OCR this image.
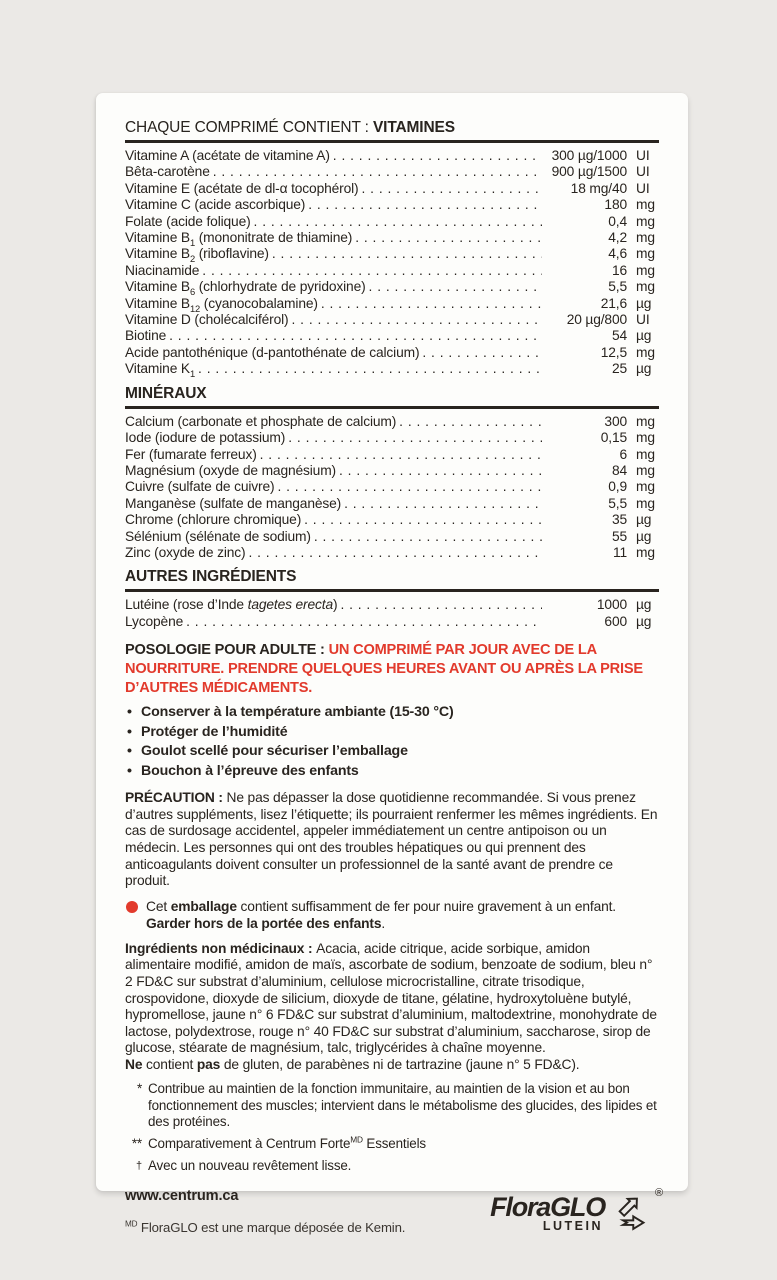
CHAQUE COMPRIMÉ CONTIENT : VITAMINES
Vitamine A (acétate de vitamine A) . . .	300 µg/1000 UI
Bêta-carotène . . .	900 µg/1500 UI
Vitamine E (acétate de dl-α tocophérol) . . .	18 mg/40 UI
Vitamine C (acide ascorbique) . . .	180 mg
Folate (acide folique) . . .	0,4 mg
Vitamine $B_1$ (mononitrate de thiamine) . . .	4,2 mg
Vitamine $B_2$ (riboflavine) . . .	4,6 mg
Niacinamide . . .	16 mg
Vitamine $B_6$ (chlorhydrate de pyridoxine) . . .	5,5 mg
Vitamine $B_{12}$ (cyanocobalamine) . . .	21,6 µg
Vitamine D (cholécalciférol) . . .	20 µg/800 UI
Biotine . . .	54 µg
Acide pantothénique (d-pantothénate de calcium) . . .	12,5 mg
Vitamine $K_1$ . . .	25 µg
MINÉRAUX
Calcium (carbonate et phosphate de calcium) . . .	300 mg
Iode (iodure de potassium) . . .	0,15 mg
Fer (fumarate ferreux) . . .	6 mg
Magnésium (oxyde de magnésium) . . .	84 mg
Cuivre (sulfate de cuivre) . . .	0,9 mg
Manganèse (sulfate de manganèse) . . .	5,5 mg
Chrome (chlorure chromique) . . .	35 µg
Sélénium (sélénate de sodium) . . .	55 µg
Zinc (oxyde de zinc) . . .	11 mg
AUTRES INGRÉDIENTS
Lutéine (rose d’Inde tagetes erecta) . . .	1000 µg
Lycopène . . .	600 µg
POSOLOGIE POUR ADULTE : UN COMPRIMÉ PAR JOUR AVEC DE LA NOURRITURE. PRENDRE QUELQUES HEURES AVANT OU APRÈS LA PRISE D’AUTRES MÉDICAMENTS.
• Conserver à la température ambiante (15-30 °C)
• Protéger de l’humidité
• Goulot scellé pour sécuriser l’emballage
• Bouchon à l’épreuve des enfants
PRÉCAUTION : Ne pas dépasser la dose quotidienne recommandée. Si vous prenez d’autres suppléments, lisez l’étiquette; ils pourraient renfermer les mêmes ingrédients. En cas de surdosage accidentel, appeler immédiatement un centre antipoison ou un médecin. Les personnes qui ont des troubles hépatiques ou qui prennent des anticoagulants doivent consulter un professionnel de la santé avant de prendre ce produit.
Cet emballage contient suffisamment de fer pour nuire gravement à un enfant.
Garder hors de la portée des enfants.
Ingrédients non médicinaux : Acacia, acide citrique, acide sorbique, amidon alimentaire modifié, amidon de maïs, ascorbate de sodium, benzoate de sodium, bleu n° 2 FD&C sur substrat d’aluminium, cellulose microcristalline, citrate trisodique, crospovidone, dioxyde de silicium, dioxyde de titane, gélatine, hydroxytoluène butylé, hypromellose, jaune n° 6 FD&C sur substrat d’aluminium, maltodextrine, monohydrate de lactose, polydextrose, rouge n° 40 FD&C sur substrat d’aluminium, saccharose, sirop de glucose, stéarate de magnésium, talc, triglycérides à chaîne moyenne.
Ne contient pas de gluten, de parabènes ni de tartrazine (jaune n° 5 FD&C).
* Contribue au maintien de la fonction immunitaire, au maintien de la vision et au bon fonctionnement des muscles; intervient dans le métabolisme des glucides, des lipides et des protéines.
** Comparativement à Centrum Forte$^{MD}$ Essentiels
† Avec un nouveau revêtement lisse.
www.centrum.ca
$^{MD}$ FloraGLO est une marque déposée de Kemin.
FloraGLO
LUTEIN
®
